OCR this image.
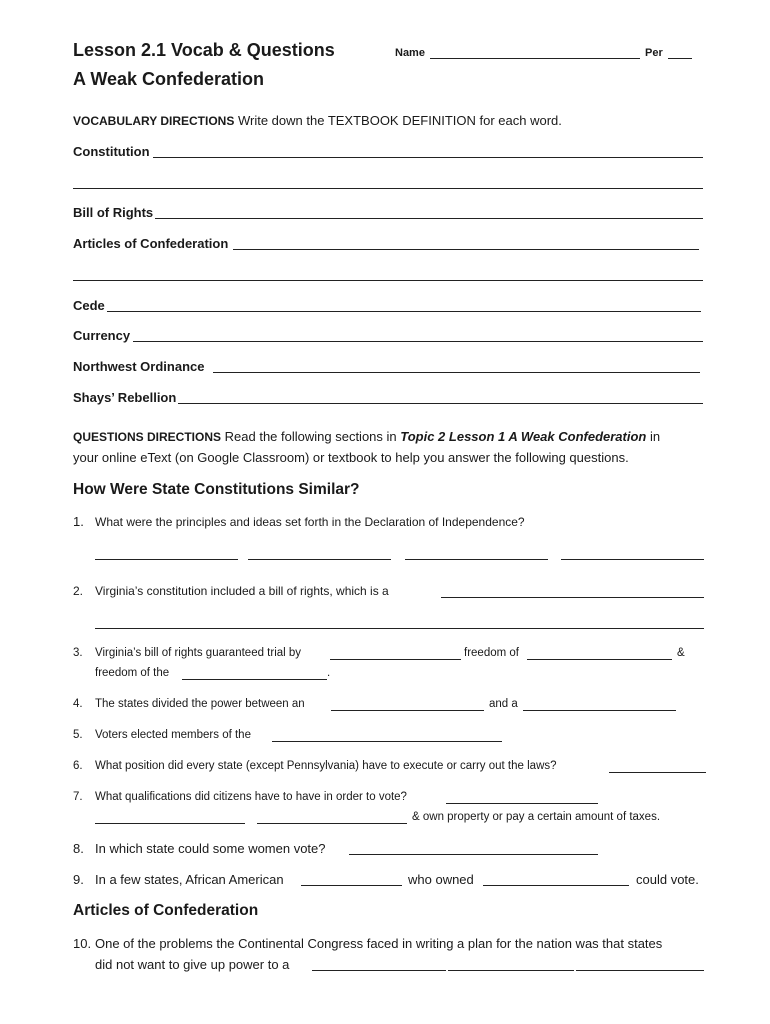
Lesson 2.1 Vocab & Questions
A Weak Confederation
Name	Per
VOCABULARY DIRECTIONS Write down the TEXTBOOK DEFINITION for each word.
Constitution
Bill of Rights
Articles of Confederation
Cede
Currency
Northwest Ordinance
Shays’ Rebellion
QUESTIONS DIRECTIONS Read the following sections in Topic 2 Lesson 1 A Weak Confederation in
your online eText (on Google Classroom) or textbook to help you answer the following questions.
How Were State Constitutions Similar?
1. What were the principles and ideas set forth in the Declaration of Independence?
2. Virginia’s constitution included a bill of rights, which is a
3. Virginia’s bill of rights guaranteed trial by	freedom of	&
freedom of the	.
4. The states divided the power between an	and a
5. Voters elected members of the
6. What position did every state (except Pennsylvania) have to execute or carry out the laws?
7. What qualifications did citizens have to have in order to vote?
& own property or pay a certain amount of taxes.
8. In which state could some women vote?
9. In a few states, African American	who owned	could vote.
Articles of Confederation
10. One of the problems the Continental Congress faced in writing a plan for the nation was that states
did not want to give up power to a
